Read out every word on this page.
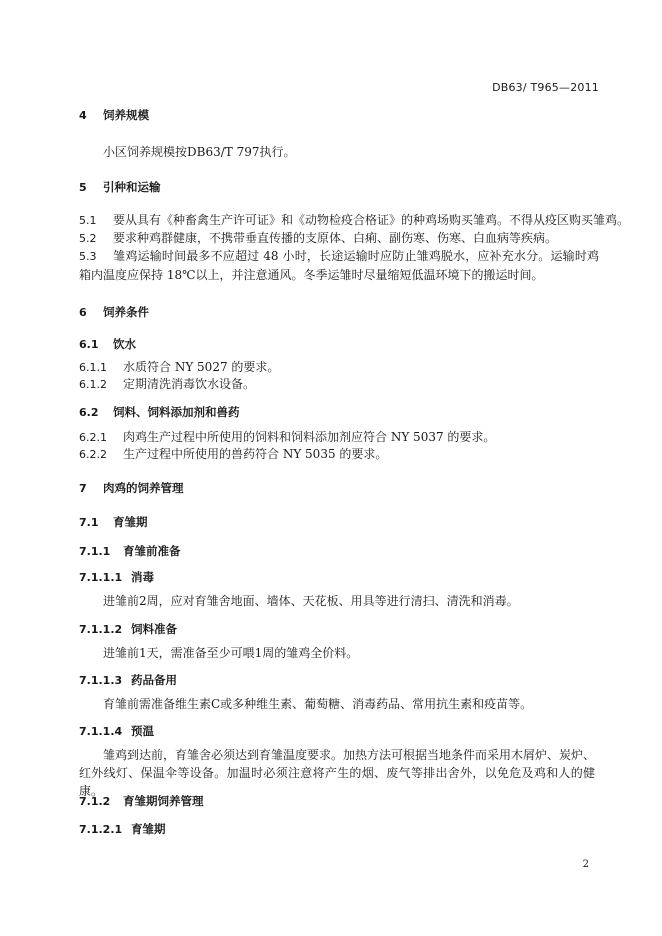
DB63/ T965—2011
4 饲养规模
小区饲养规模按DB63/T 797执行。
5 引种和运输
5.1 要从具有《种畜禽生产许可证》和《动物检疫合格证》的种鸡场购买雏鸡。不得从疫区购买雏鸡。
5.2 要求种鸡群健康，不携带垂直传播的支原体、白痢、副伤寒、伤寒、白血病等疾病。
5.3 雏鸡运输时间最多不应超过 48 小时，长途运输时应防止雏鸡脱水，应补充水分。运输时鸡箱内温度应保持 18℃以上，并注意通风。冬季运雏时尽量缩短低温环境下的搬运时间。
6 饲养条件
6.1 饮水
6.1.1 水质符合 NY 5027 的要求。
6.1.2 定期清洗消毒饮水设备。
6.2 饲料、饲料添加剂和兽药
6.2.1 肉鸡生产过程中所使用的饲料和饲料添加剂应符合 NY 5037 的要求。
6.2.2 生产过程中所使用的兽药符合 NY 5035 的要求。
7 肉鸡的饲养管理
7.1 育雏期
7.1.1 育雏前准备
7.1.1.1 消毒
进雏前2周，应对育雏舍地面、墙体、天花板、用具等进行清扫、清洗和消毒。
7.1.1.2 饲料准备
进雏前1天，需准备至少可喂1周的雏鸡全价料。
7.1.1.3 药品备用
育雏前需准备维生素C或多种维生素、葡萄糖、消毒药品、常用抗生素和疫苗等。
7.1.1.4 预温
雏鸡到达前，育雏舍必须达到育雏温度要求。加热方法可根据当地条件而采用木屑炉、炭炉、红外线灯、保温伞等设备。加温时必须注意将产生的烟、废气等排出舍外，以免危及鸡和人的健康。
7.1.2 育雏期饲养管理
7.1.2.1 育雏期
2
